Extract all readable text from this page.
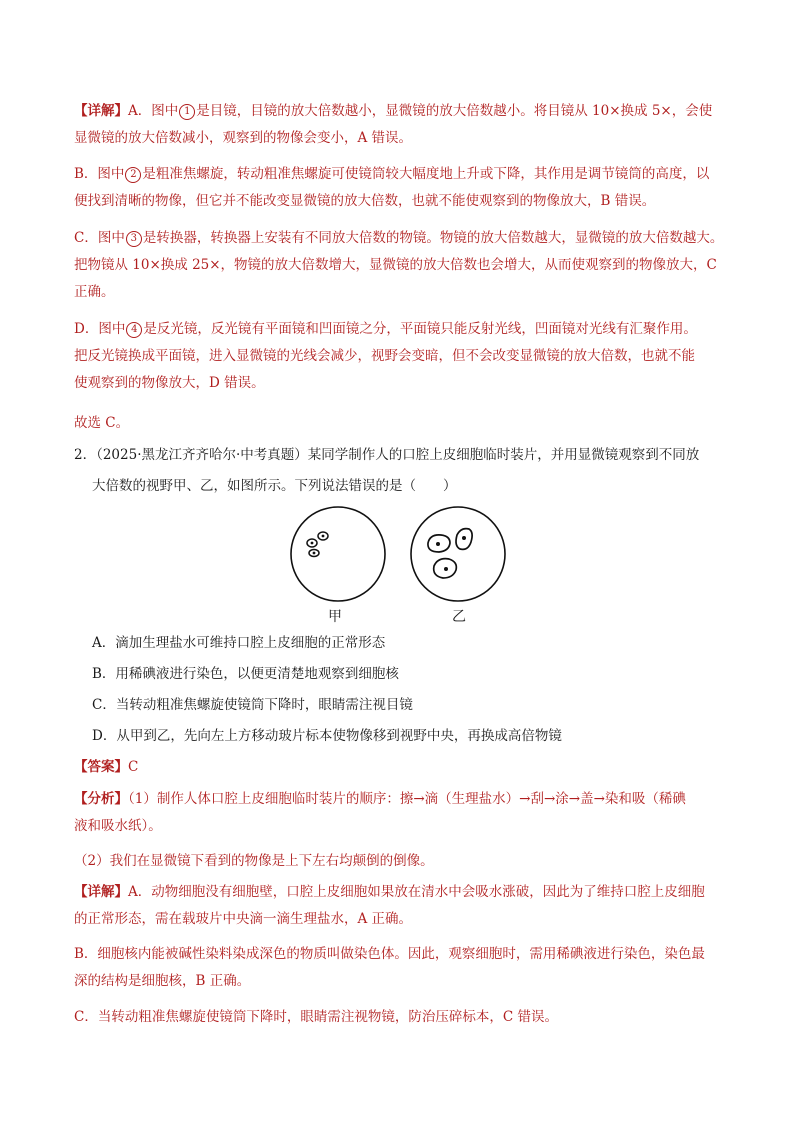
【详解】A．图中 1 是目镜，目镜的放大倍数越小，显微镜的放大倍数越小。将目镜从 10×换成 5×，会使
显微镜的放大倍数减小，观察到的物像会变小，A 错误。
B．图中 2 是粗准焦螺旋，转动粗准焦螺旋可使镜筒较大幅度地上升或下降，其作用是调节镜筒的高度，以
便找到清晰的物像，但它并不能改变显微镜的放大倍数，也就不能使观察到的物像放大，B 错误。
C．图中 3 是转换器，转换器上安装有不同放大倍数的物镜。物镜的放大倍数越大，显微镜的放大倍数越大。
把物镜从 10×换成 25×，物镜的放大倍数增大，显微镜的放大倍数也会增大，从而使观察到的物像放大，C
正确。
D．图中 4 是反光镜，反光镜有平面镜和凹面镜之分，平面镜只能反射光线，凹面镜对光线有汇聚作用。
把反光镜换成平面镜，进入显微镜的光线会减少，视野会变暗，但不会改变显微镜的放大倍数，也就不能
使观察到的物像放大，D 错误。
故选 C。
2．（2025·黑龙江齐齐哈尔·中考真题）某同学制作人的口腔上皮细胞临时装片，并用显微镜观察到不同放
大倍数的视野甲、乙，如图所示。下列说法错误的是（　　）
甲	乙
A．滴加生理盐水可维持口腔上皮细胞的正常形态
B．用稀碘液进行染色，以便更清楚地观察到细胞核
C．当转动粗准焦螺旋使镜筒下降时，眼睛需注视目镜
D．从甲到乙，先向左上方移动玻片标本使物像移到视野中央，再换成高倍物镜
【答案】C
【分析】（1）制作人体口腔上皮细胞临时装片的顺序：擦→滴（生理盐水）→刮→涂→盖→染和吸（稀碘
液和吸水纸）。
（2）我们在显微镜下看到的物像是上下左右均颠倒的倒像。
【详解】A．动物细胞没有细胞壁，口腔上皮细胞如果放在清水中会吸水涨破，因此为了维持口腔上皮细胞
的正常形态，需在载玻片中央滴一滴生理盐水，A 正确。
B．细胞核内能被碱性染料染成深色的物质叫做染色体。因此，观察细胞时，需用稀碘液进行染色，染色最
深的结构是细胞核，B 正确。
C．当转动粗准焦螺旋使镜筒下降时，眼睛需注视物镜，防治压碎标本，C 错误。
